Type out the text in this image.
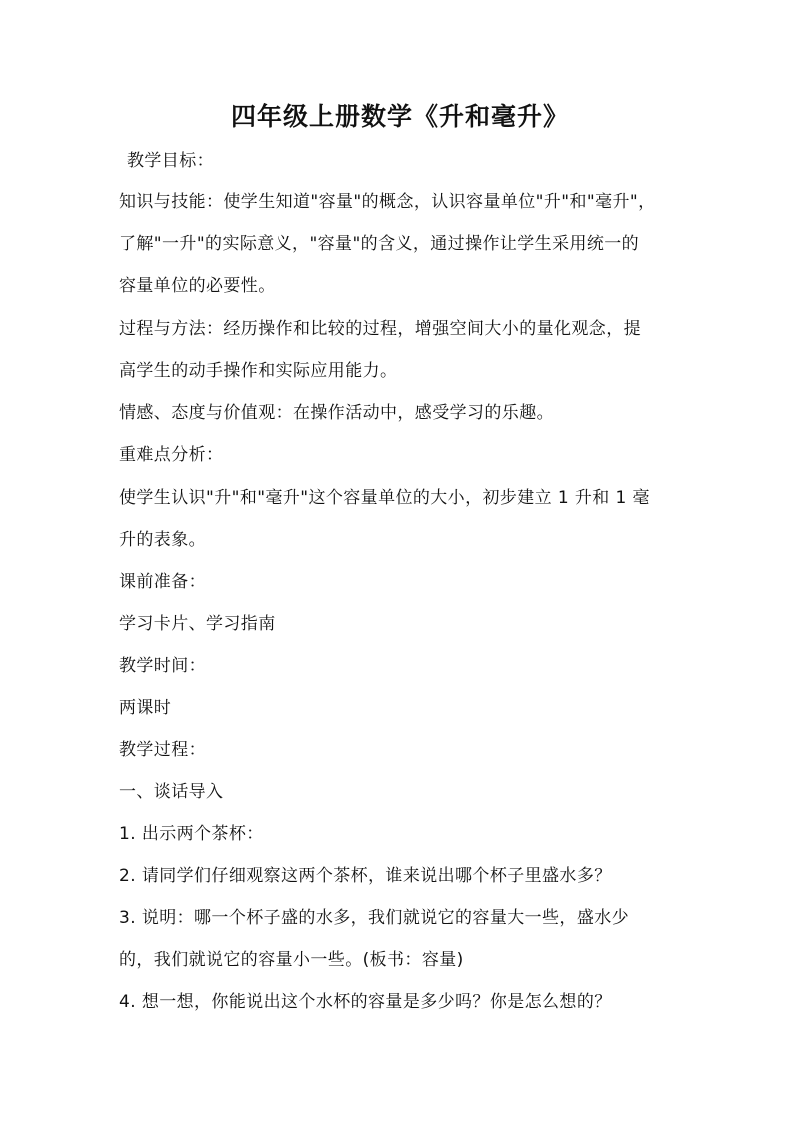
四年级上册数学《升和毫升》
教学目标：
知识与技能：使学生知道"容量"的概念，认识容量单位"升"和"毫升"，
了解"一升"的实际意义，"容量"的含义，通过操作让学生采用统一的
容量单位的必要性。
过程与方法：经历操作和比较的过程，增强空间大小的量化观念，提
高学生的动手操作和实际应用能力。
情感、态度与价值观：在操作活动中，感受学习的乐趣。
重难点分析：
使学生认识"升"和"毫升"这个容量单位的大小，初步建立 1 升和 1 毫
升的表象。
课前准备：
学习卡片、学习指南
教学时间：
两课时
教学过程：
一、谈话导入
1. 出示两个茶杯：
2. 请同学们仔细观察这两个茶杯，谁来说出哪个杯子里盛水多？
3. 说明：哪一个杯子盛的水多，我们就说它的容量大一些，盛水少
的，我们就说它的容量小一些。(板书：容量)
4. 想一想，你能说出这个水杯的容量是多少吗？你是怎么想的？
